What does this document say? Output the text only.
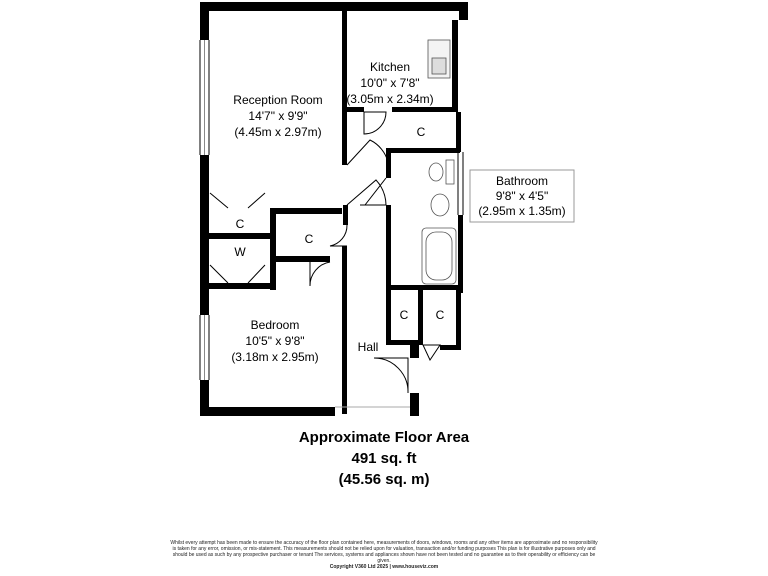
Reception Room
14'7" x 9'9"
(4.45m x 2.97m)
Kitchen
10'0" x 7'8"
(3.05m x 2.34m)
Bedroom
10'5" x 9'8"
(3.18m x 2.95m)
Hall
C
W
C
C
C C
Bathroom
9'8" x 4'5"
(2.95m x 1.35m)
Approximate Floor Area
491 sq. ft
(45.56 sq. m)
Whilst every attempt has been made to ensure the accuracy of the floor plan contained here, measurements of doors, windows, rooms and any other items are approximate and no responsibility is taken for any error, omission, or mis-statement. This measurements should not be relied upon for valuation, transaction and/or funding purposes This plan is for illustrative purposes only and should be used as such by any prospective purchaser or tenant The services, systems and appliances shown have not been tested and no guarantee as to their operability or efficiency can be given.
Copyright V360 Ltd 2025 | www.houseviz.com
